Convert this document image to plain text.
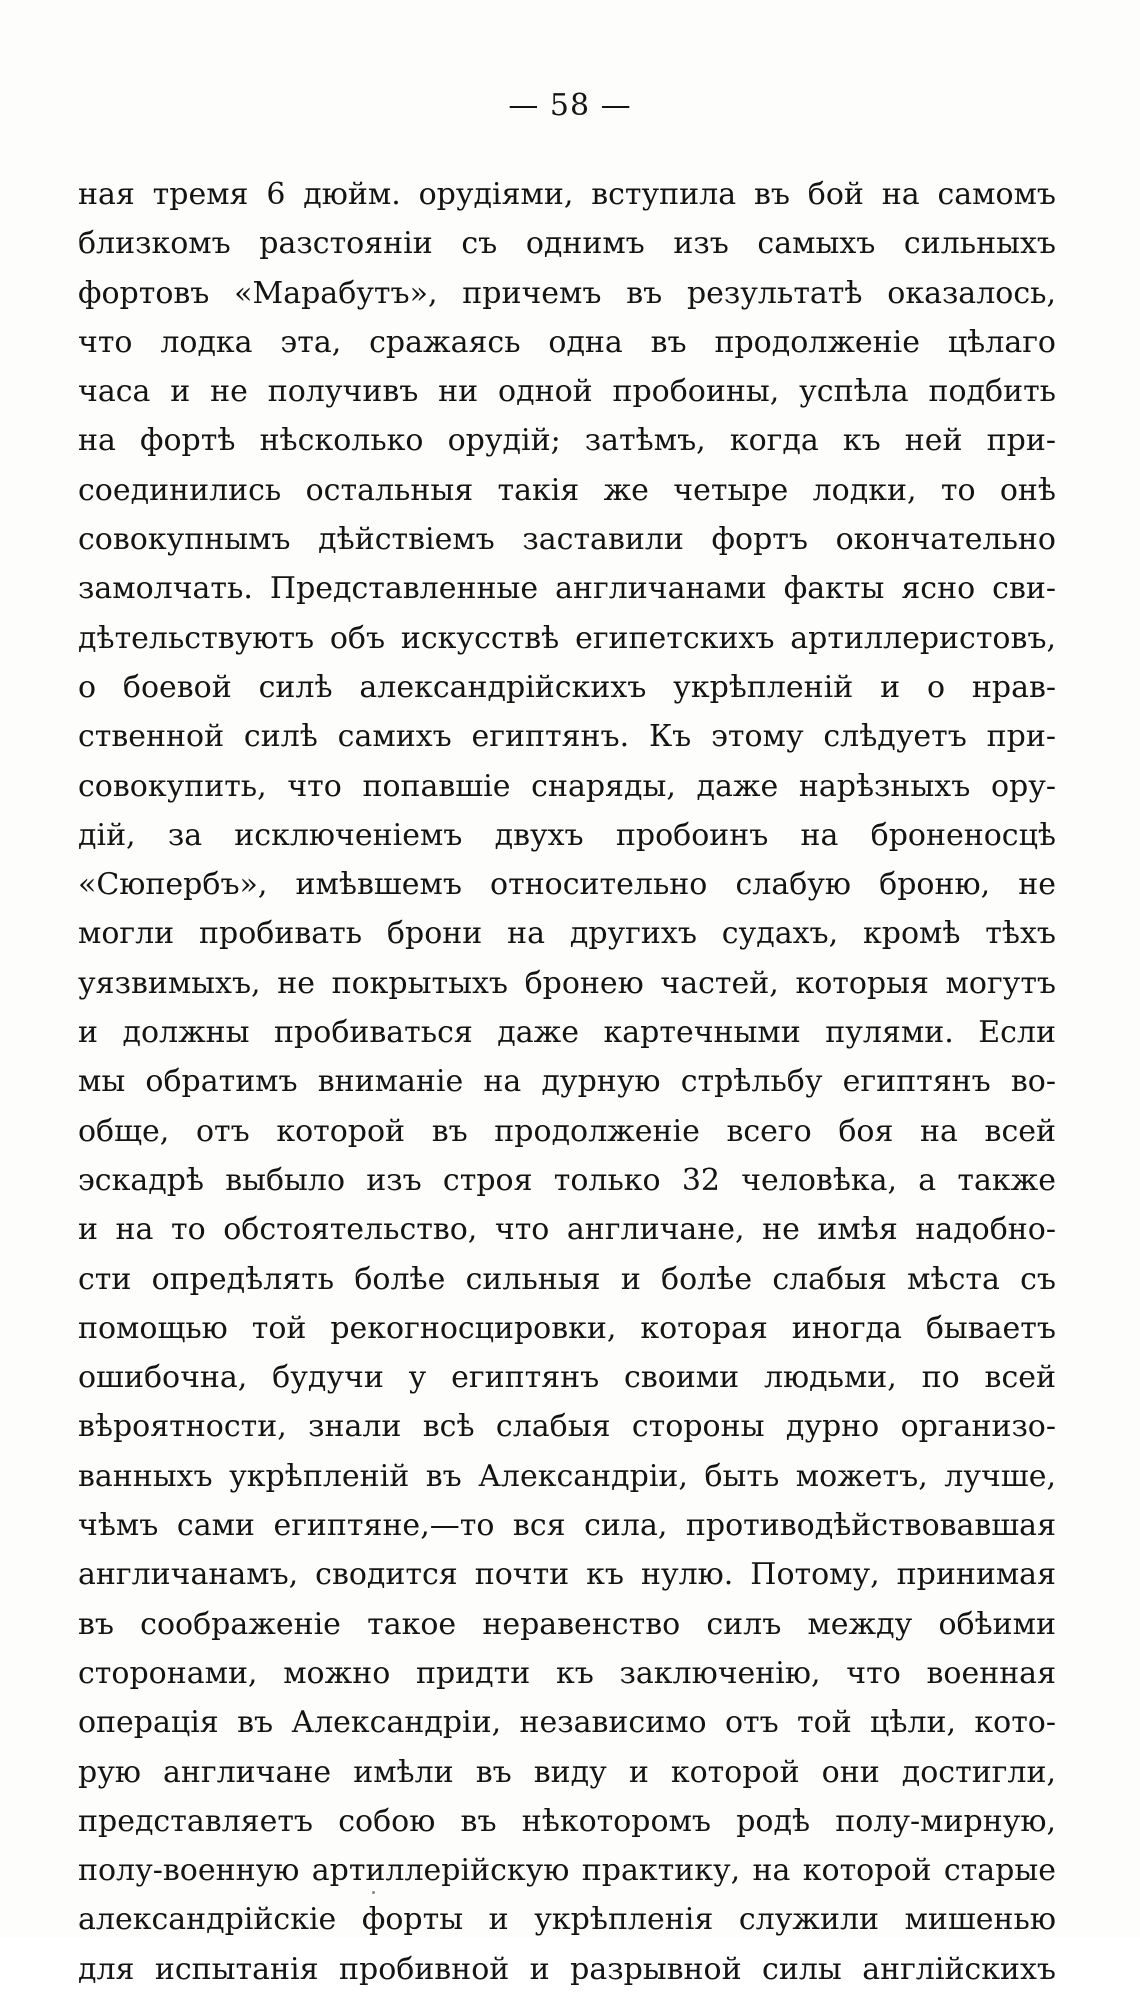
— 58 —
ная тремя 6 дюйм. орудіями, вступила въ бой на самомъ
близкомъ разстояніи съ однимъ изъ самыхъ сильныхъ
фортовъ «Марабутъ», причемъ въ результатѣ оказалось,
что лодка эта, сражаясь одна въ продолженіе цѣлаго
часа и не получивъ ни одной пробоины, успѣла подбить
на фортѣ нѣсколько орудій; затѣмъ, когда къ ней при-
соединились остальныя такія же четыре лодки, то онѣ
совокупнымъ дѣйствіемъ заставили фортъ окончательно
замолчать. Представленные англичанами факты ясно сви-
дѣтельствуютъ объ искусствѣ египетскихъ артиллеристовъ,
о боевой силѣ александрійскихъ укрѣпленій и о нрав-
ственной силѣ самихъ египтянъ. Къ этому слѣдуетъ при-
совокупить, что попавшіе снаряды, даже нарѣзныхъ ору-
дій, за исключеніемъ двухъ пробоинъ на броненосцѣ
«Сюпербъ», имѣвшемъ относительно слабую броню, не
могли пробивать брони на другихъ судахъ, кромѣ тѣхъ
уязвимыхъ, не покрытыхъ бронею частей, которыя могутъ
и должны пробиваться даже картечными пулями. Если
мы обратимъ вниманіе на дурную стрѣльбу египтянъ во-
обще, отъ которой въ продолженіе всего боя на всей
эскадрѣ выбыло изъ строя только 32 человѣка, а также
и на то обстоятельство, что англичане, не имѣя надобно-
сти опредѣлять болѣе сильныя и болѣе слабыя мѣста съ
помощью той рекогносцировки, которая иногда бываетъ
ошибочна, будучи у египтянъ своими людьми, по всей
вѣроятности, знали всѣ слабыя стороны дурно организо-
ванныхъ укрѣпленій въ Александріи, быть можетъ, лучше,
чѣмъ сами египтяне,—то вся сила, противодѣйствовавшая
англичанамъ, сводится почти къ нулю. Потому, принимая
въ соображеніе такое неравенство силъ между обѣими
сторонами, можно придти къ заключенію, что военная
операція въ Александріи, независимо отъ той цѣли, кото-
рую англичане имѣли въ виду и которой они достигли,
представляетъ собою въ нѣкоторомъ родѣ полу-мирную,
полу-военную артиллерійскую практику, на которой старые
александрійскіе форты и укрѣпленія служили мишенью
для испытанія пробивной и разрывной силы англійскихъ
